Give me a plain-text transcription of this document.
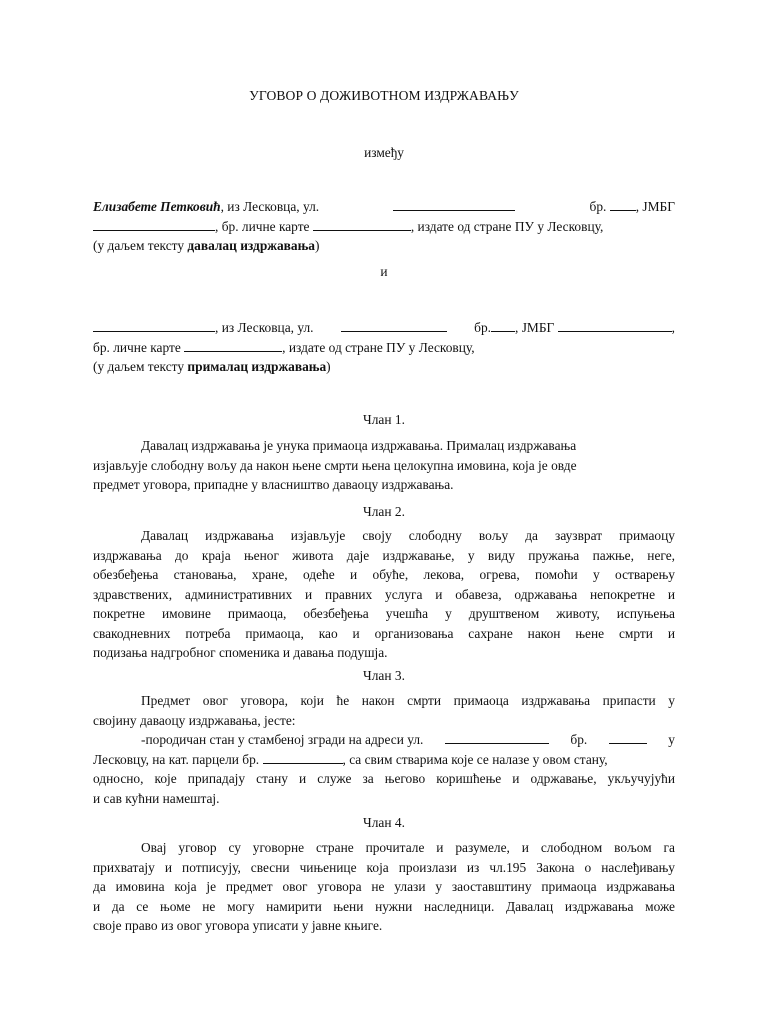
УГОВОР О ДОЖИВОТНОМ ИЗДРЖАВАЊУ
између
Елизабете Петковић, из Лесковца, ул.	бр. , ЈМБГ
, бр. личне карте	, издате од стране ПУ у Лесковцу,
(у даљем тексту давалац издржавања)
и
, из Лесковца, ул.	бр. , ЈМБГ	,
бр. личне карте	, издате од стране ПУ у Лесковцу,
(у даљем тексту прималац издржавања)
Члан 1.
Давалац издржавања је унука примаоца издржавања. Прималац издржавања
изјављује слободну вољу да након њене смрти њена целокупна имовина, која је овде
предмет уговора, припадне у власништво даваоцу издржавања.
Члан 2.
Давалац издржавања изјављује своју слободну вољу да заузврат примаоцу
издржавања до краја њеног живота даје издржавање, у виду пружања пажње, неге,
обезбеђења становања, хране, одеће и обуће, лекова, огрева, помоћи у остварењу
здравствених, административних и правних услуга и обавеза, одржавања непокретне и
покретне имовине примаоца, обезбеђења учешћа у друштвеном животу, испуњења
свакодневних потреба примаоца, као и организовања сахране након њене смрти и
подизања надгробног споменика и давања подушја.
Члан 3.
Предмет овог уговора, који ће након смрти примаоца издржавања припасти у
својину даваоцу издржавања, јесте:
-породичан стан у стамбеној згради на адреси ул.	бр.	у
Лесковцу, на кат. парцели бр.	, са свим стварима које се налазе у овом стану,
односно, које припадају стану и служе за његово коришћење и одржавање, укључујући
и сав кућни намештај.
Члан 4.
Овај уговор су уговорне стране прочитале и разумеле, и слободном вољом га
прихватају и потписују, свесни чињенице која произлази из чл.195 Закона о наслеђивању
да имовина која је предмет овог уговора не улази у заоставштину примаоца издржавања
и да се њоме не могу намирити њени нужни наследници. Давалац издржавања може
своје право из овог уговора уписати у јавне књиге.
